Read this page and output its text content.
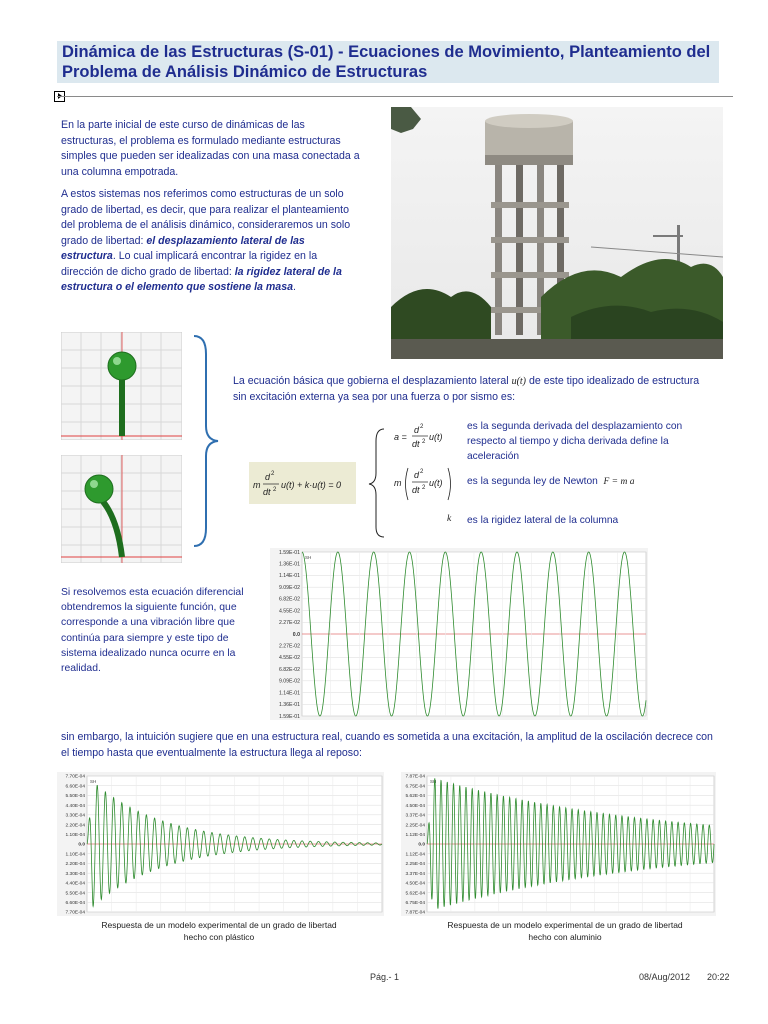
Dinámica de las Estructuras (S-01) - Ecuaciones de Movimiento, Planteamiento del Problema de Análisis Dinámico de Estructuras
En la parte inicial de este curso de dinámicas de las estructuras, el problema es formulado mediante estructuras simples que pueden ser idealizadas con una masa conectada a una columna empotrada.
A estos sistemas nos referimos como estructuras de un solo grado de libertad, es decir, que para realizar el planteamiento del problema de el análisis dinámico, consideraremos un solo grado de libertad: el desplazamiento lateral de las estructura. Lo cual implicará encontrar la rigidez en la dirección de dicho grado de libertad: la rigidez lateral de la estructura o el elemento que sostiene la masa.
La ecuación básica que gobierna el desplazamiento lateral u(t) de este tipo idealizado de estructura sin excitación externa ya sea por una fuerza o por sismo es:
m
d 2
dt 2 u(t) + k·u(t) = 0
a =
d 2
dt 2 u(t)
es la segunda derivada del desplazamiento con respecto al tiempo y dicha derivada define la aceleración
m
d 2
dt 2 u(t) es la segunda ley de Newton F = m a
k es la rigidez lateral de la columna
Si resolvemos esta ecuación diferencial obtendremos la siguiente función, que corresponde a una vibración libre que continúa para siempre y este tipo de sistema idealizado nunca ocurre en la realidad.
1.59E-01
1.36E-01
1.14E-01
9.09E-02
6.82E-02
4.55E-02
2.27E-02
0.0
2.27E-02
4.55E-02
6.82E-02
9.09E-02
1.14E-01
1.36E-01
1.59E-01
SH
7.70E-04
6.60E-04
5.50E-04
4.40E-04
3.30E-04
2.20E-04
1.10E-04
0.0
1.10E-04
2.20E-04
3.30E-04
4.40E-04
5.50E-04
6.60E-04
7.70E-04
SH
7.87E-04
6.75E-04
5.62E-04
4.50E-04
3.37E-04
2.25E-04
1.12E-04
0.0
1.12E-04
2.25E-04
3.37E-04
4.50E-04
5.62E-04
6.75E-04
7.87E-04
SH
sin embargo, la intuición sugiere que en una estructura real, cuando es sometida a una excitación, la amplitud de la oscilación decrece con el tiempo hasta que eventualmente la estructura llega al reposo:
Respuesta de un modelo experimental de un grado de libertad hecho con plástico
Respuesta de un modelo experimental de un grado de libertad hecho con aluminio
Pág.- 1	08/Aug/2012 20:22
